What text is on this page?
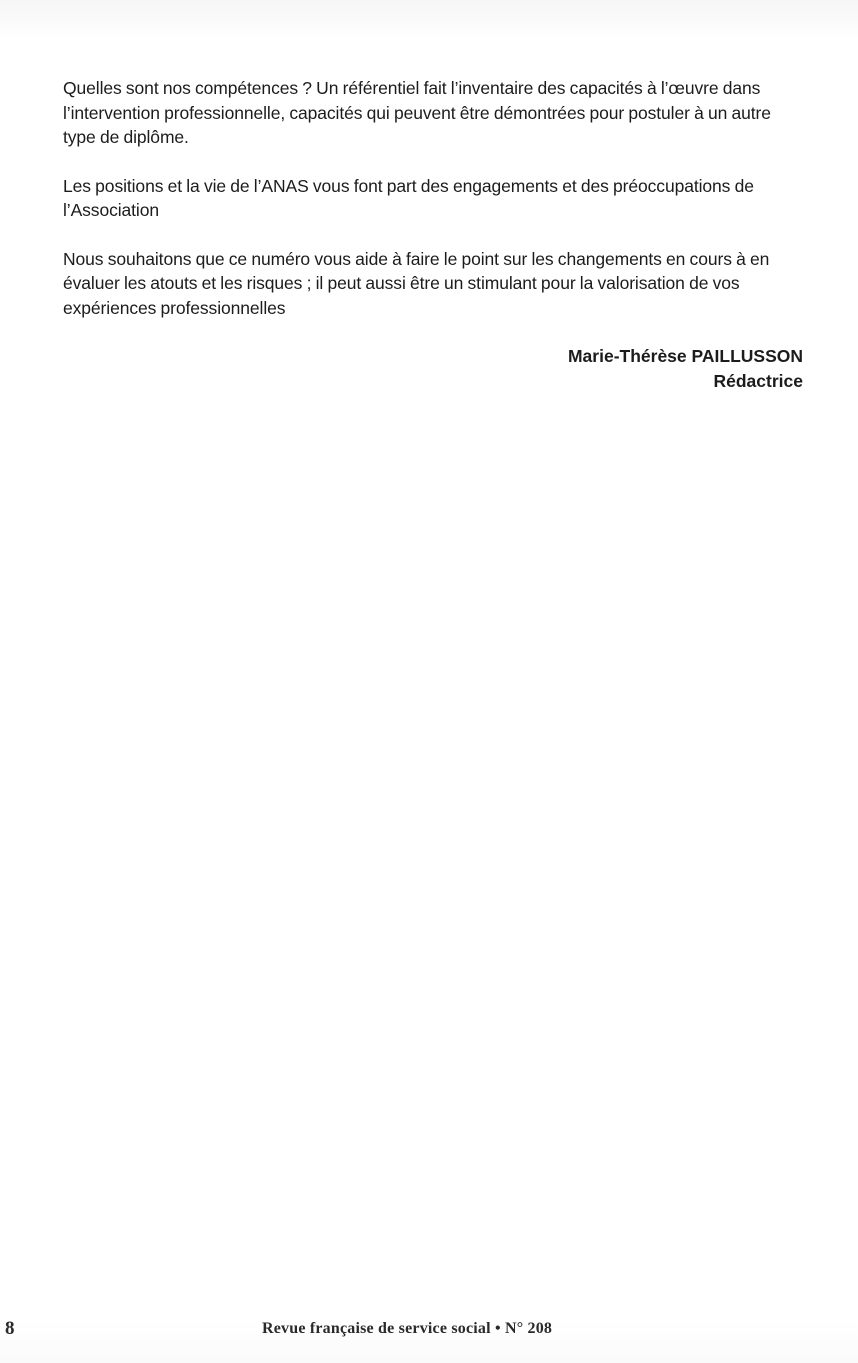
Quelles sont nos compétences ? Un référentiel fait l’inventaire des capacités à l’œuvre dans l’intervention professionnelle, capacités qui peuvent être démontrées pour postuler à un autre type de diplôme.

Les positions et la vie de l’ANAS vous font part des engagements et des préoccupations de l’Association

Nous souhaitons que ce numéro vous aide à faire le point sur les changements en cours à en évaluer les atouts et les risques ; il peut aussi être un stimulant pour la valorisation de vos expériences professionnelles

Marie-Thérèse PAILLUSSON
Rédactrice
8	Revue française de service social • N° 208
